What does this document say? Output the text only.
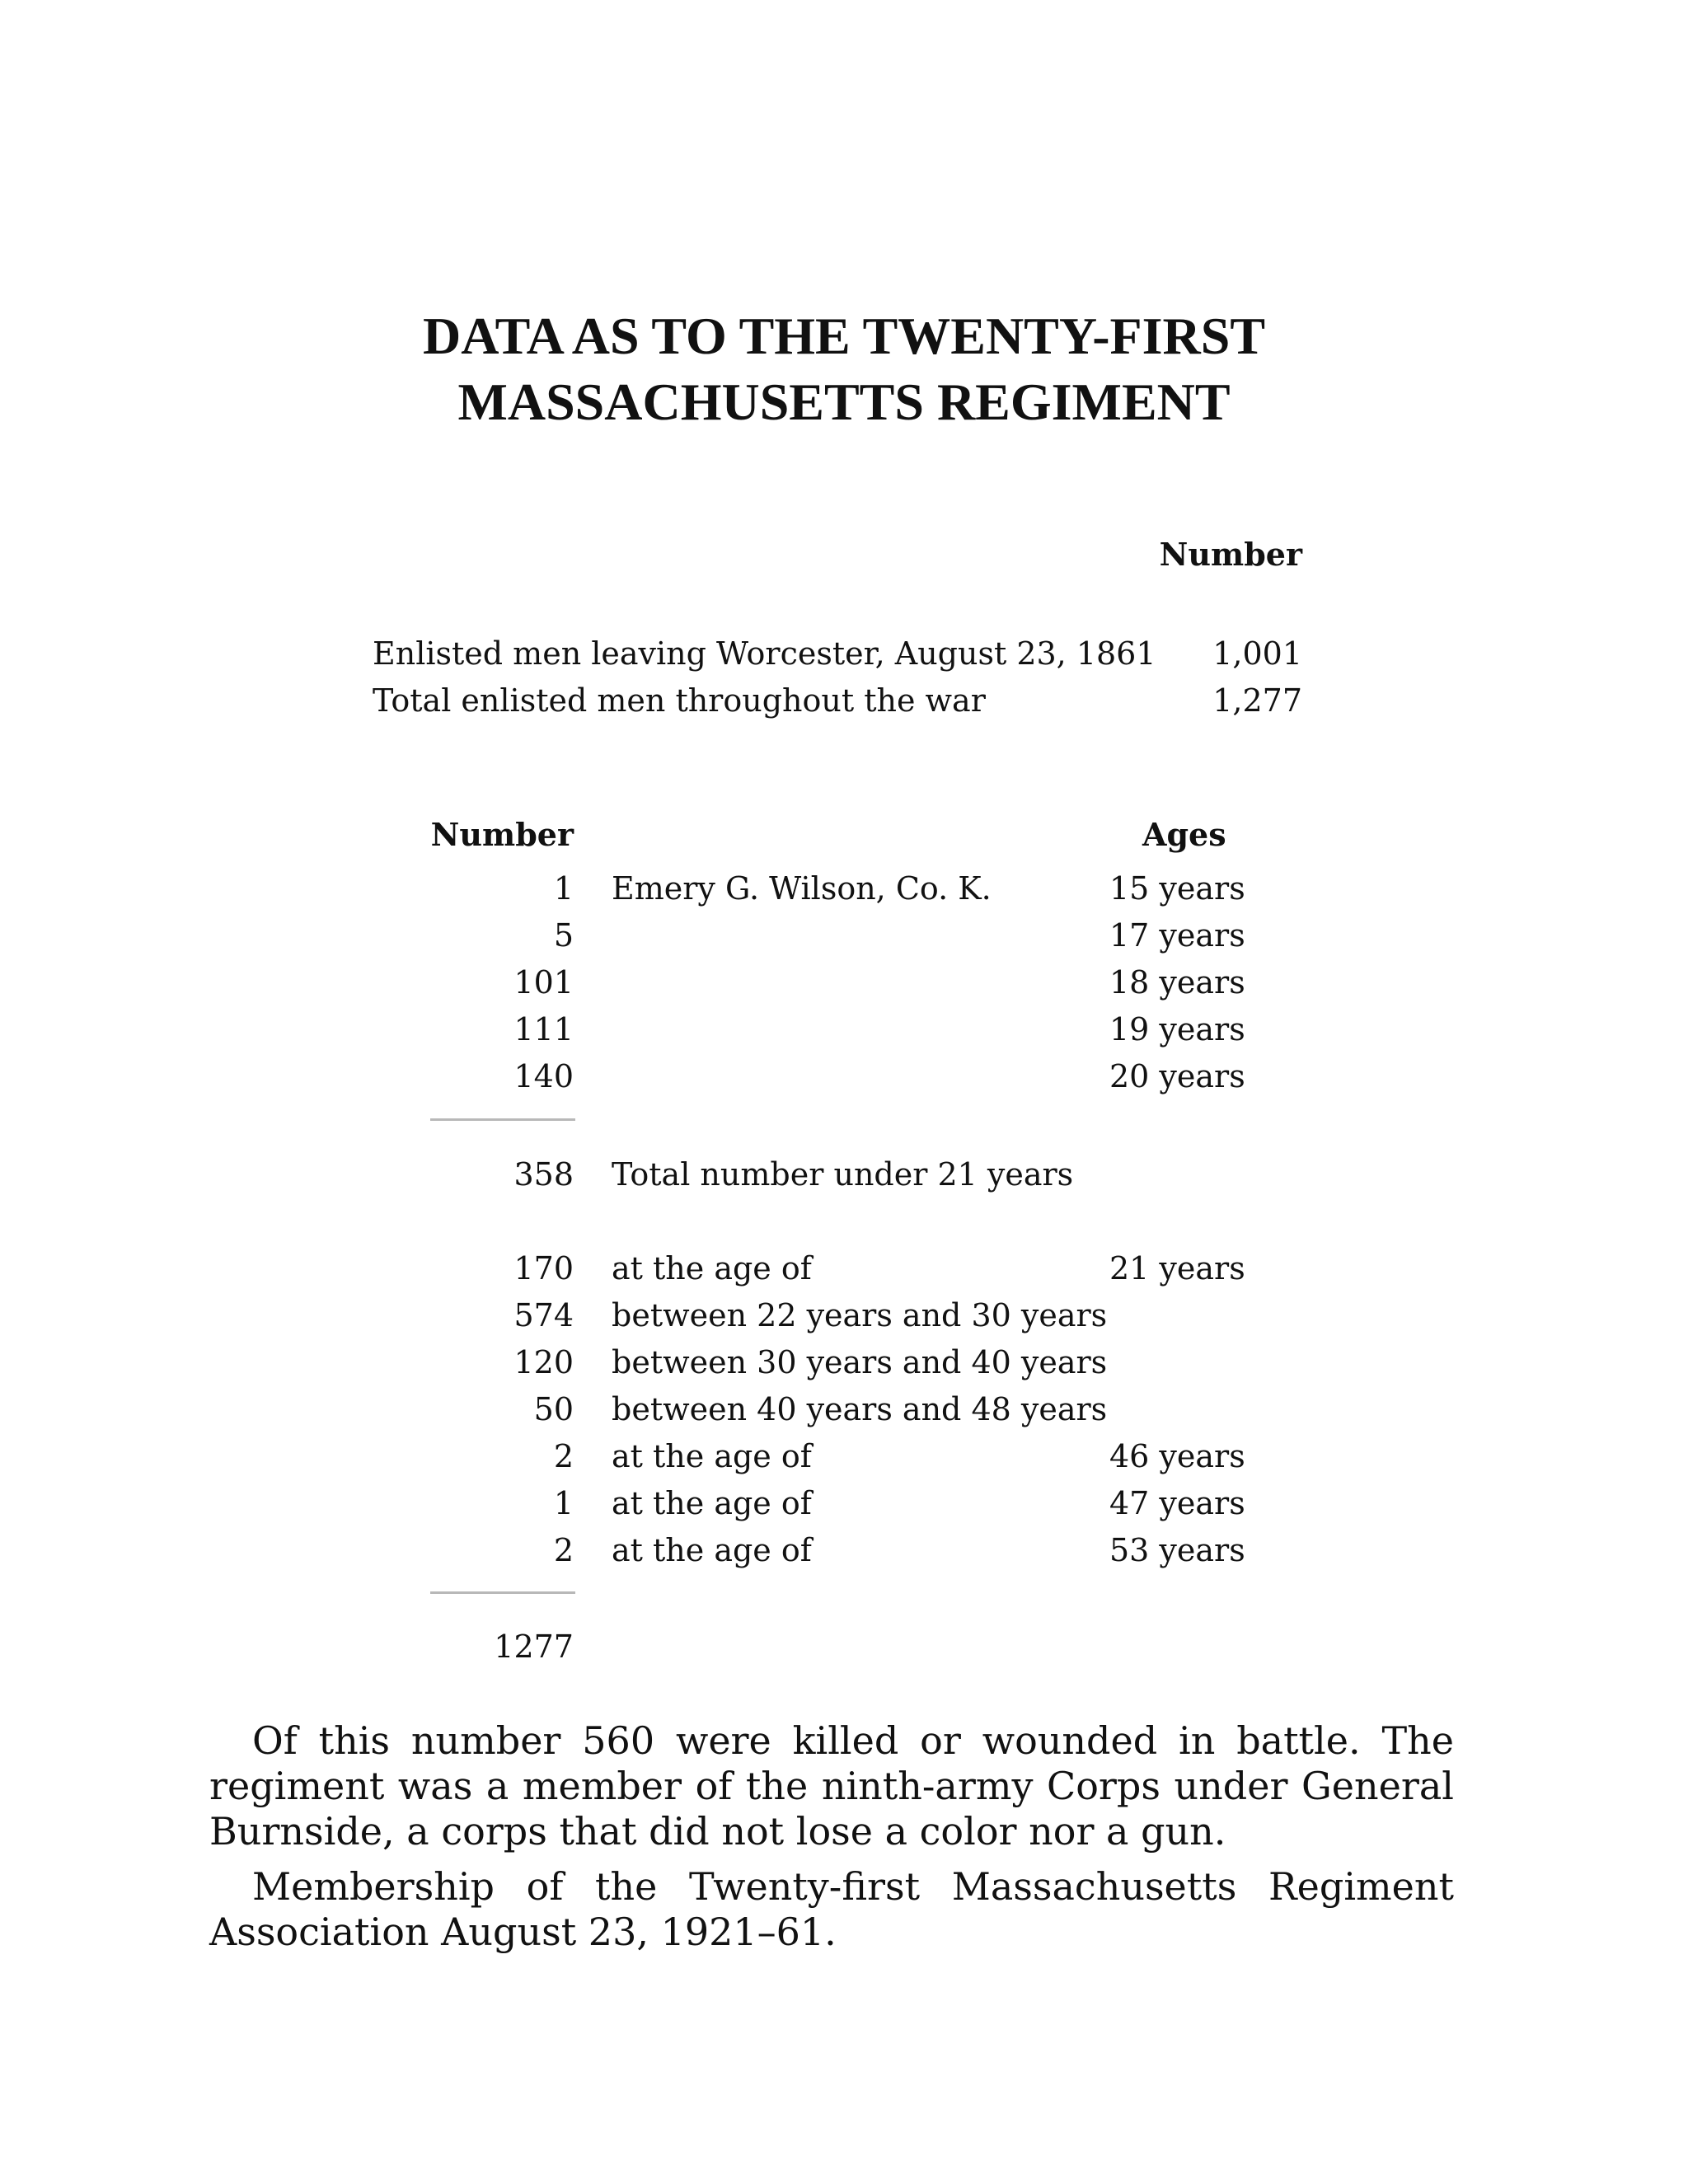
DATA AS TO THE TWENTY-FIRST
MASSACHUSETTS REGIMENT
Number
Enlisted men leaving Worcester, August 23, 1861 1,001
Total enlisted men throughout the war	1,277
Number	Ages
1 Emery G. Wilson, Co. K.	15 years
5	17 years
101	18 years
111	19 years
140	20 years
358 Total number under 21 years
170 at the age of	21 years
574 between 22 years and 30 years
120 between 30 years and 40 years
50 between 40 years and 48 years
2 at the age of	46 years
1 at the age of	47 years
2 at the age of	53 years
1277

Of this number 560 were killed or wounded in battle. The regiment was a member of the ninth-army Corps under General Burnside, a corps that did not lose a color nor a gun.

Membership of the Twenty-first Massachusetts Regiment Association August 23, 1921–61.
